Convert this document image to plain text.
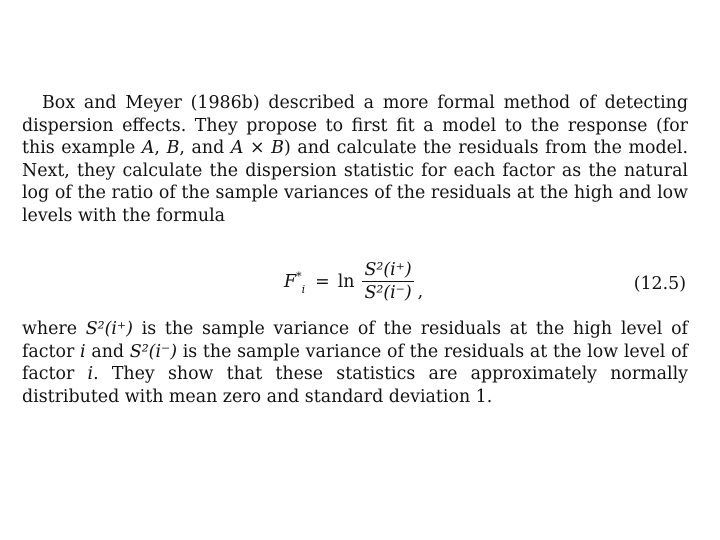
Box and Meyer (1986b) described a more formal method of detecting dispersion effects. They propose to first fit a model to the response (for this example A, B, and A × B) and calculate the residuals from the model. Next, they calculate the dispersion statistic for each factor as the natural log of the ratio of the sample variances of the residuals at the high and low levels with the formula

$F^*_i = \ln \frac{\text{S²(i⁺)}}{\text{S²(i⁻)}}$ ,	(12.5)

where S²(i⁺) is the sample variance of the residuals at the high level of factor i and S²(i⁻) is the sample variance of the residuals at the low level of factor i. They show that these statistics are approximately normally distributed with mean zero and standard deviation 1.
